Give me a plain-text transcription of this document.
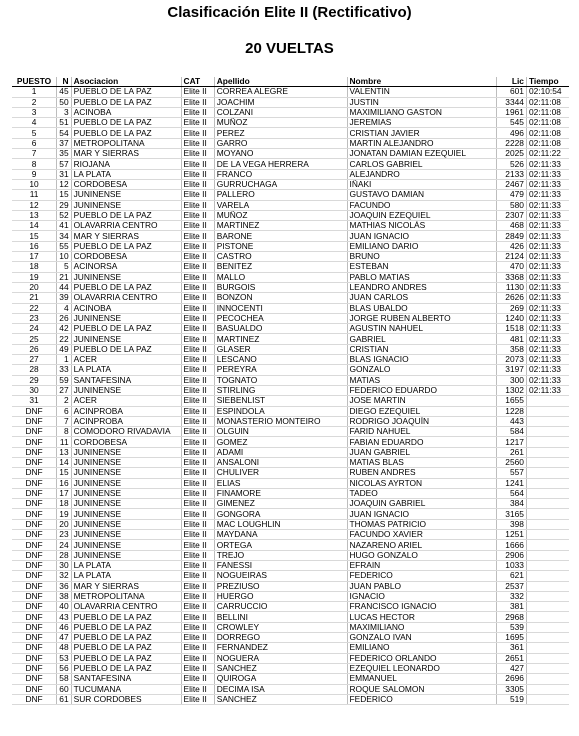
Clasificación Elite II (Rectificativo)
20 VUELTAS
PUESTO	N	Asociacion	CAT	Apellido	Nombre	Lic	Tiempo
1	45	PUEBLO DE LA PAZ	Elite II	CORREA ALEGRE	VALENTIN	601	02:10:54
2	50	PUEBLO DE LA PAZ	Elite II	JOACHIM	JUSTIN	3344	02:11:08
3	3	ACINOBA	Elite II	COLZANI	MAXIMILIANO GASTON	1961	02:11:08
4	51	PUEBLO DE LA PAZ	Elite II	MUÑOZ	JEREMIAS	545	02:11:08
5	54	PUEBLO DE LA PAZ	Elite II	PEREZ	CRISTIAN JAVIER	496	02:11:08
6	37	METROPOLITANA	Elite II	GARRO	MARTIN ALEJANDRO	2228	02:11:08
7	35	MAR Y SIERRAS	Elite II	MOYANO	JONATAN DAMIAN EZEQUIEL	2025	02:11:22
8	57	RIOJANA	Elite II	DE LA VEGA HERRERA	CARLOS GABRIEL	526	02:11:33
9	31	LA PLATA	Elite II	FRANCO	ALEJANDRO	2133	02:11:33
10	12	CORDOBESA	Elite II	GURRUCHAGA	IÑAKI	2467	02:11:33
11	15	JUNINENSE	Elite II	PALLERO	GUSTAVO DAMIAN	479	02:11:33
12	29	JUNINENSE	Elite II	VARELA	FACUNDO	580	02:11:33
13	52	PUEBLO DE LA PAZ	Elite II	MUÑOZ	JOAQUIN EZEQUIEL	2307	02:11:33
14	41	OLAVARRIA CENTRO	Elite II	MARTINEZ	MATHIAS NICOLÁS	468	02:11:33
15	34	MAR Y SIERRAS	Elite II	BARONE	JUAN IGNACIO	2849	02:11:33
16	55	PUEBLO DE LA PAZ	Elite II	PISTONE	EMILIANO DARIO	426	02:11:33
17	10	CORDOBESA	Elite II	CASTRO	BRUNO	2124	02:11:33
18	5	ACINORSA	Elite II	BENITEZ	ESTEBAN	470	02:11:33
19	21	JUNINENSE	Elite II	MALLO	PABLO MATIAS	3368	02:11:33
20	44	PUEBLO DE LA PAZ	Elite II	BURGOIS	LEANDRO ANDRES	1130	02:11:33
21	39	OLAVARRIA CENTRO	Elite II	BONZON	JUAN CARLOS	2626	02:11:33
22	4	ACINOBA	Elite II	INNOCENTI	BLAS UBALDO	269	02:11:33
23	26	JUNINENSE	Elite II	PECOCHEA	JORGE RUBEN ALBERTO	1240	02:11:33
24	42	PUEBLO DE LA PAZ	Elite II	BASUALDO	AGUSTIN NAHUEL	1518	02:11:33
25	22	JUNINENSE	Elite II	MARTINEZ	GABRIEL	481	02:11:33
26	49	PUEBLO DE LA PAZ	Elite II	GLASER	CRISTIAN	358	02:11:33
27	1	ACER	Elite II	LESCANO	BLAS IGNACIO	2073	02:11:33
28	33	LA PLATA	Elite II	PEREYRA	GONZALO	3197	02:11:33
29	59	SANTAFESINA	Elite II	TOGNATO	MATIAS	300	02:11:33
30	27	JUNINENSE	Elite II	STIRLING	FEDERICO EDUARDO	1302	02:11:33
31	2	ACER	Elite II	SIEBENLIST	JOSE MARTIN	1655	
DNF	6	ACINPROBA	Elite II	ESPINDOLA	DIEGO EZEQUIEL	1228	
DNF	7	ACINPROBA	Elite II	MONASTERIO MONTEIRO	RODRIGO JOAQUÍN	443	
DNF	8	COMODORO RIVADAVIA	Elite II	OLGUIN	FARID NAHUEL	584	
DNF	11	CORDOBESA	Elite II	GOMEZ	FABIAN EDUARDO	1217	
DNF	13	JUNINENSE	Elite II	ADAMI	JUAN GABRIEL	261	
DNF	14	JUNINENSE	Elite II	ANSALONI	MATIAS BLAS	2560	
DNF	15	JUNINENSE	Elite II	CHULIVER	RUBEN ANDRES	557	
DNF	16	JUNINENSE	Elite II	ELIAS	NICOLAS AYRTON	1241	
DNF	17	JUNINENSE	Elite II	FINAMORE	TADEO	564	
DNF	18	JUNINENSE	Elite II	GIMENEZ	JOAQUIN GABRIEL	384	
DNF	19	JUNINENSE	Elite II	GONGORA	JUAN IGNACIO	3165	
DNF	20	JUNINENSE	Elite II	MAC LOUGHLIN	THOMAS PATRICIO	398	
DNF	23	JUNINENSE	Elite II	MAYDANA	FACUNDO XAVIER	1251	
DNF	24	JUNINENSE	Elite II	ORTEGA	NAZARENO ARIEL	1666	
DNF	28	JUNINENSE	Elite II	TREJO	HUGO GONZALO	2906	
DNF	30	LA PLATA	Elite II	FANESSI	EFRAIN	1033	
DNF	32	LA PLATA	Elite II	NOGUEIRAS	FEDERICO	621	
DNF	36	MAR Y SIERRAS	Elite II	PREZIUSO	JUAN PABLO	2537	
DNF	38	METROPOLITANA	Elite II	HUERGO	IGNACIO	332	
DNF	40	OLAVARRIA CENTRO	Elite II	CARRUCCIO	FRANCISCO IGNACIO	381	
DNF	43	PUEBLO DE LA PAZ	Elite II	BELLINI	LUCAS HECTOR	2968	
DNF	46	PUEBLO DE LA PAZ	Elite II	CROWLEY	MAXIMILIANO	539	
DNF	47	PUEBLO DE LA PAZ	Elite II	DORREGO	GONZALO IVAN	1695	
DNF	48	PUEBLO DE LA PAZ	Elite II	FERNANDEZ	EMILIANO	361	
DNF	53	PUEBLO DE LA PAZ	Elite II	NOGUERA	FEDERICO ORLANDO	2651	
DNF	56	PUEBLO DE LA PAZ	Elite II	SANCHEZ	EZEQUIEL LEONARDO	427	
DNF	58	SANTAFESINA	Elite II	QUIROGA	EMMANUEL	2696	
DNF	60	TUCUMANA	Elite II	DECIMA ISA	ROQUE SALOMON	3305	
DNF	61	SUR CORDOBES	Elite II	SANCHEZ	FEDERICO	519	
